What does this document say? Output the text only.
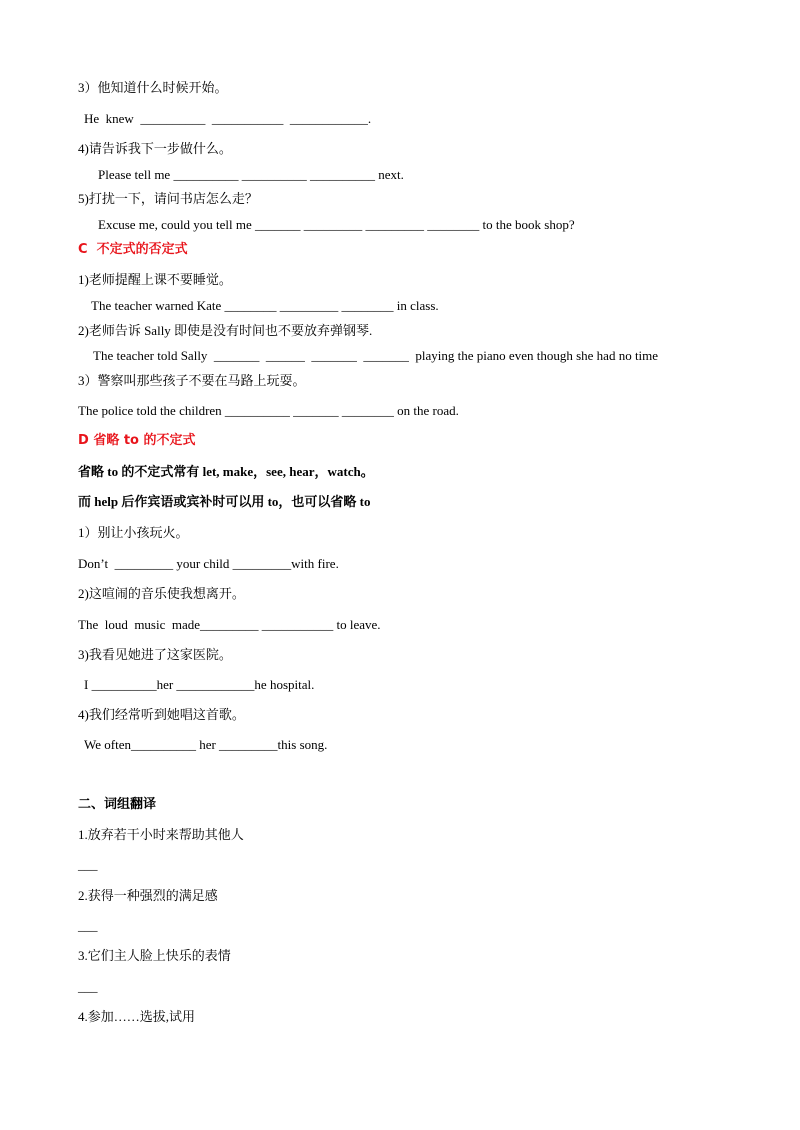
3）他知道什么时候开始。
He  knew  __________  ___________  ____________.
4)请告诉我下一步做什么。
Please tell me __________ __________ __________ next.
5)打扰一下，请问书店怎么走？
Excuse me, could you tell me _______ _________ _________ ________ to the book shop?
C  不定式的否定式
1)老师提醒上课不要睡觉。
The teacher warned Kate ________ _________ ________ in class.
2)老师告诉 Sally 即使是没有时间也不要放弃弹钢琴.
The teacher told Sally  _______  ______  _______  _______  playing the piano even though she had no time
3）警察叫那些孩子不要在马路上玩耍。
The police told the children __________ _______ ________ on the road.
D 省略 to 的不定式
省略 to 的不定式常有 let, make，see, hear，watch。
而 help 后作宾语或宾补时可以用 to，也可以省略 to
1）别让小孩玩火。
Don’t  _________ your child _________with fire.
2)这喧闹的音乐使我想离开。
The  loud  music  made_________ ___________ to leave.
3)我看见她进了这家医院。
I __________her ____________he hospital.
4)我们经常听到她唱这首歌。
We often__________ her _________this song.
二、词组翻译
1.放弃若干小时来帮助其他人
___
2.获得一种强烈的满足感
___
3.它们主人脸上快乐的表情
___
4.参加……选拔,试用
